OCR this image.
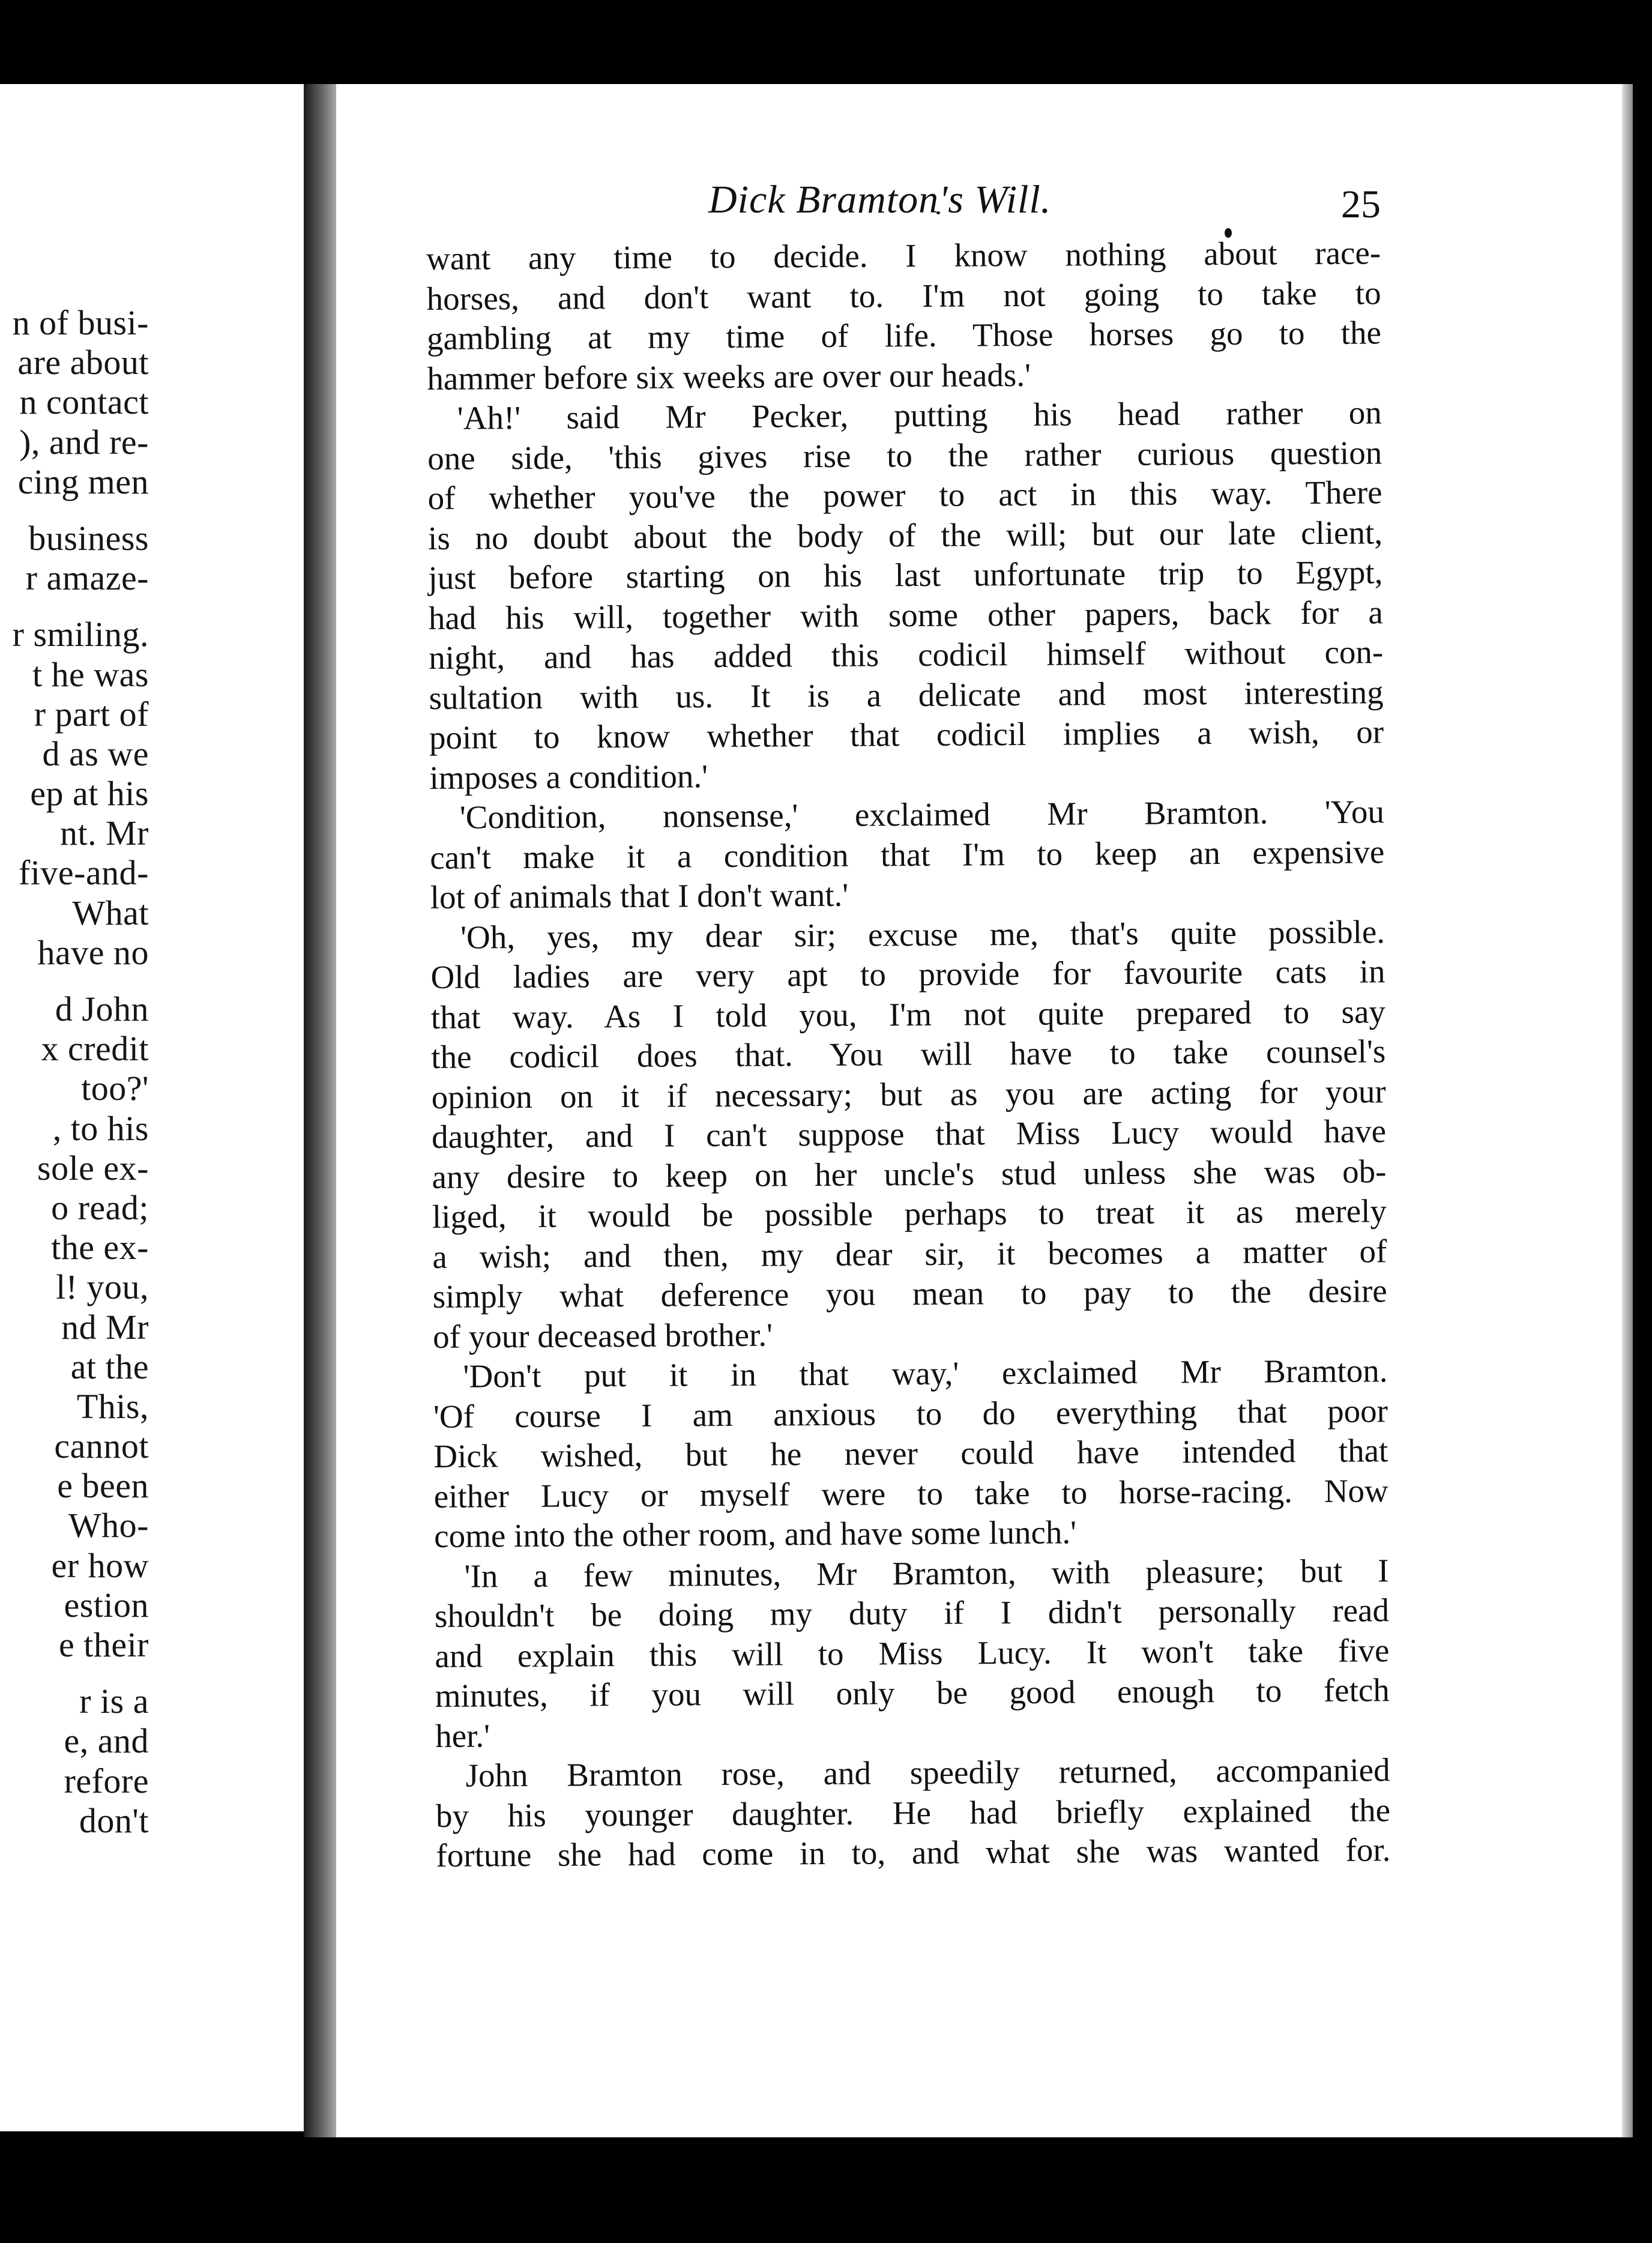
n of busi-
are about
n contact
), and re-
cing men
business
r amaze-
r smiling.
t he was
r part of
d as we
ep at his
nt. Mr
five-and-
What
have no
d John
x credit
too?'
, to his
sole ex-
o read;
the ex-
l! you,
nd Mr
at the
This,
cannot
e been
Who-
er how
estion
e their
r is a
e, and
refore
don't
Dick Bramton's Will.	25
want any time to decide. I know nothing about race-
horses, and don't want to. I'm not going to take to
gambling at my time of life. Those horses go to the
hammer before six weeks are over our heads.'
'Ah!' said Mr Pecker, putting his head rather on
one side, 'this gives rise to the rather curious question
of whether you've the power to act in this way. There
is no doubt about the body of the will; but our late client,
just before starting on his last unfortunate trip to Egypt,
had his will, together with some other papers, back for a
night, and has added this codicil himself without con-
sultation with us. It is a delicate and most interesting
point to know whether that codicil implies a wish, or
imposes a condition.'
'Condition, nonsense,' exclaimed Mr Bramton. 'You
can't make it a condition that I'm to keep an expensive
lot of animals that I don't want.'
'Oh, yes, my dear sir; excuse me, that's quite possible.
Old ladies are very apt to provide for favourite cats in
that way. As I told you, I'm not quite prepared to say
the codicil does that. You will have to take counsel's
opinion on it if necessary; but as you are acting for your
daughter, and I can't suppose that Miss Lucy would have
any desire to keep on her uncle's stud unless she was ob-
liged, it would be possible perhaps to treat it as merely
a wish; and then, my dear sir, it becomes a matter of
simply what deference you mean to pay to the desire
of your deceased brother.'
'Don't put it in that way,' exclaimed Mr Bramton.
'Of course I am anxious to do everything that poor
Dick wished, but he never could have intended that
either Lucy or myself were to take to horse-racing. Now
come into the other room, and have some lunch.'
'In a few minutes, Mr Bramton, with pleasure; but I
shouldn't be doing my duty if I didn't personally read
and explain this will to Miss Lucy. It won't take five
minutes, if you will only be good enough to fetch
her.'
John Bramton rose, and speedily returned, accompanied
by his younger daughter. He had briefly explained the
fortune she had come in to, and what she was wanted for.
